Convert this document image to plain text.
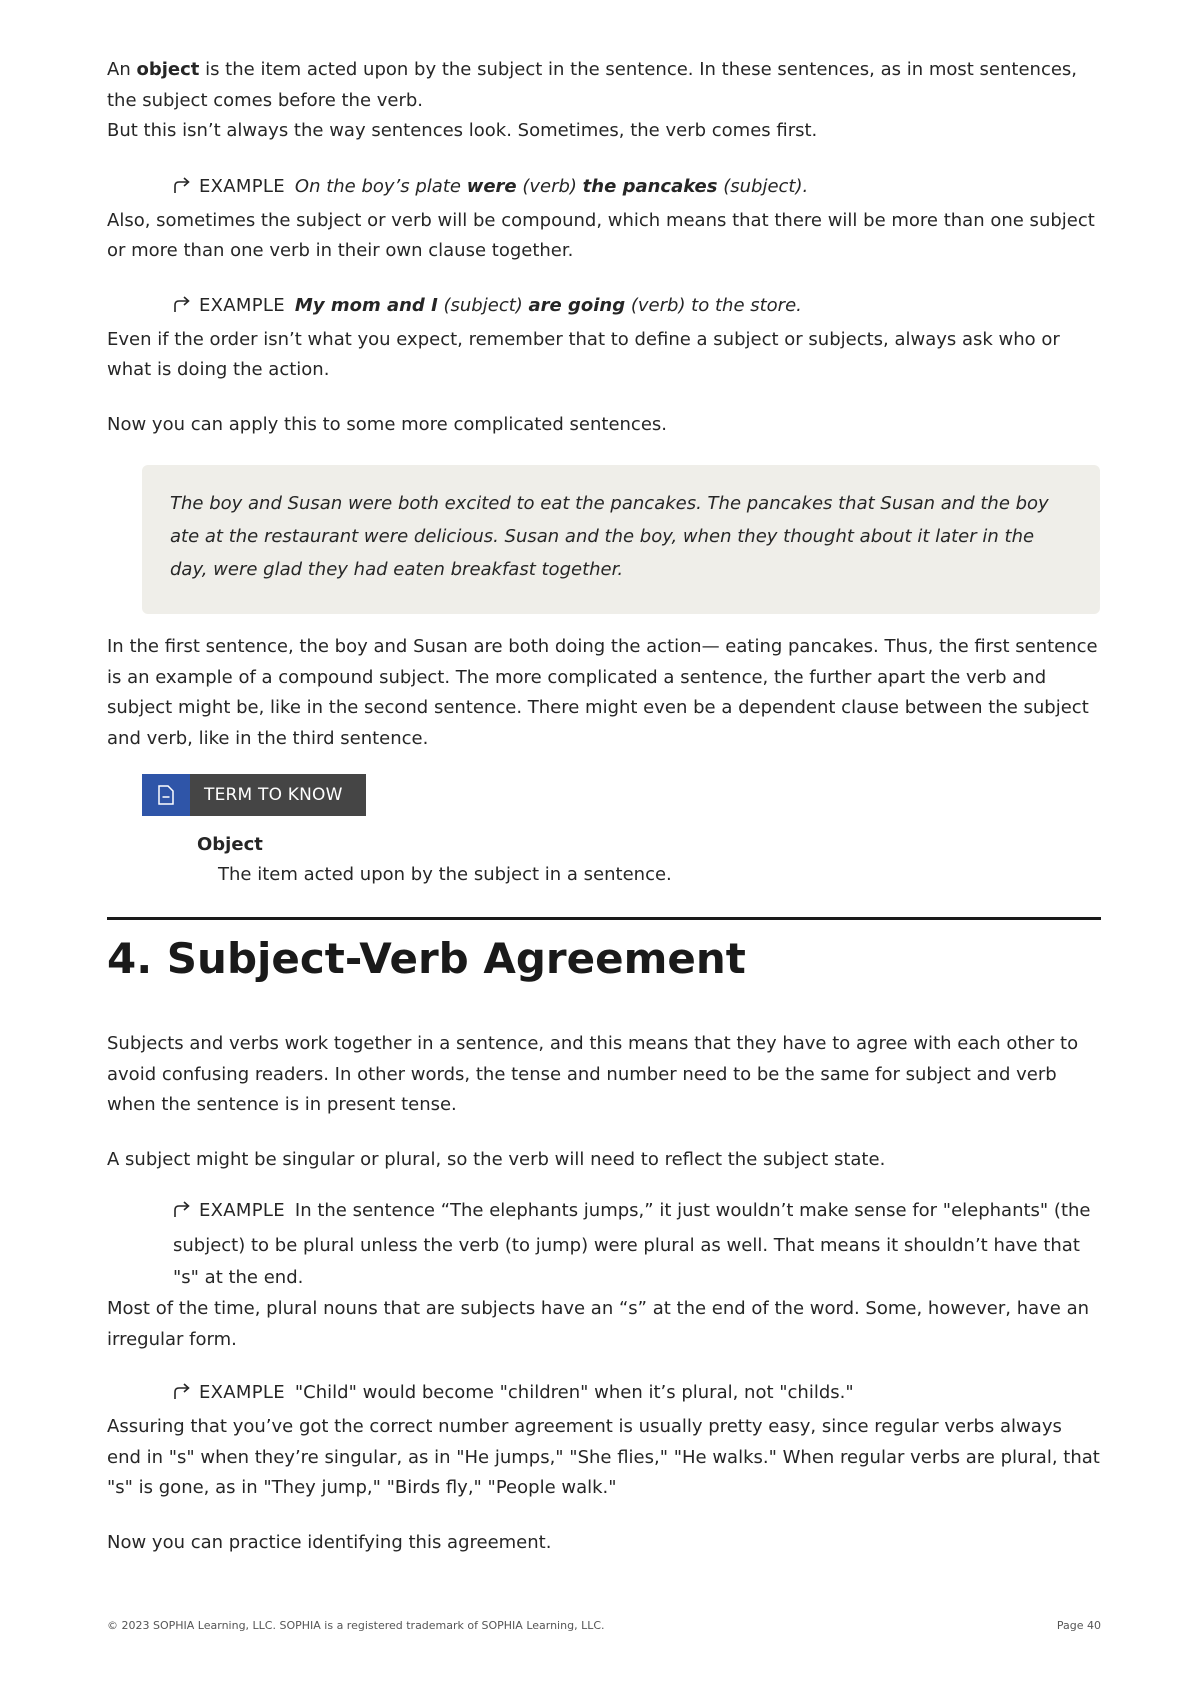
An object is the item acted upon by the subject in the sentence. In these sentences, as in most sentences, the subject comes before the verb.

But this isn’t always the way sentences look. Sometimes, the verb comes first.

EXAMPLE On the boy’s plate were (verb) the pancakes (subject).

Also, sometimes the subject or verb will be compound, which means that there will be more than one subject or more than one verb in their own clause together.

EXAMPLE My mom and I (subject) are going (verb) to the store.

Even if the order isn’t what you expect, remember that to define a subject or subjects, always ask who or what is doing the action.

Now you can apply this to some more complicated sentences.

The boy and Susan were both excited to eat the pancakes. The pancakes that Susan and the boy ate at the restaurant were delicious. Susan and the boy, when they thought about it later in the day, were glad they had eaten breakfast together.

In the first sentence, the boy and Susan are both doing the action— eating pancakes. Thus, the first sentence is an example of a compound subject. The more complicated a sentence, the further apart the verb and subject might be, like in the second sentence. There might even be a dependent clause between the subject and verb, like in the third sentence.

TERM TO KNOW
Object
The item acted upon by the subject in a sentence.
4. Subject-Verb Agreement

Subjects and verbs work together in a sentence, and this means that they have to agree with each other to avoid confusing readers. In other words, the tense and number need to be the same for subject and verb when the sentence is in present tense.

A subject might be singular or plural, so the verb will need to reflect the subject state.

EXAMPLE In the sentence “The elephants jumps,” it just wouldn’t make sense for "elephants" (the subject) to be plural unless the verb (to jump) were plural as well. That means it shouldn’t have that "s" at the end.

Most of the time, plural nouns that are subjects have an “s” at the end of the word. Some, however, have an irregular form.

EXAMPLE "Child" would become "children" when it’s plural, not "childs."

Assuring that you’ve got the correct number agreement is usually pretty easy, since regular verbs always end in "s" when they’re singular, as in "He jumps," "She flies," "He walks." When regular verbs are plural, that "s" is gone, as in "They jump," "Birds fly," "People walk."

Now you can practice identifying this agreement.

© 2023 SOPHIA Learning, LLC. SOPHIA is a registered trademark of SOPHIA Learning, LLC.	Page 40
